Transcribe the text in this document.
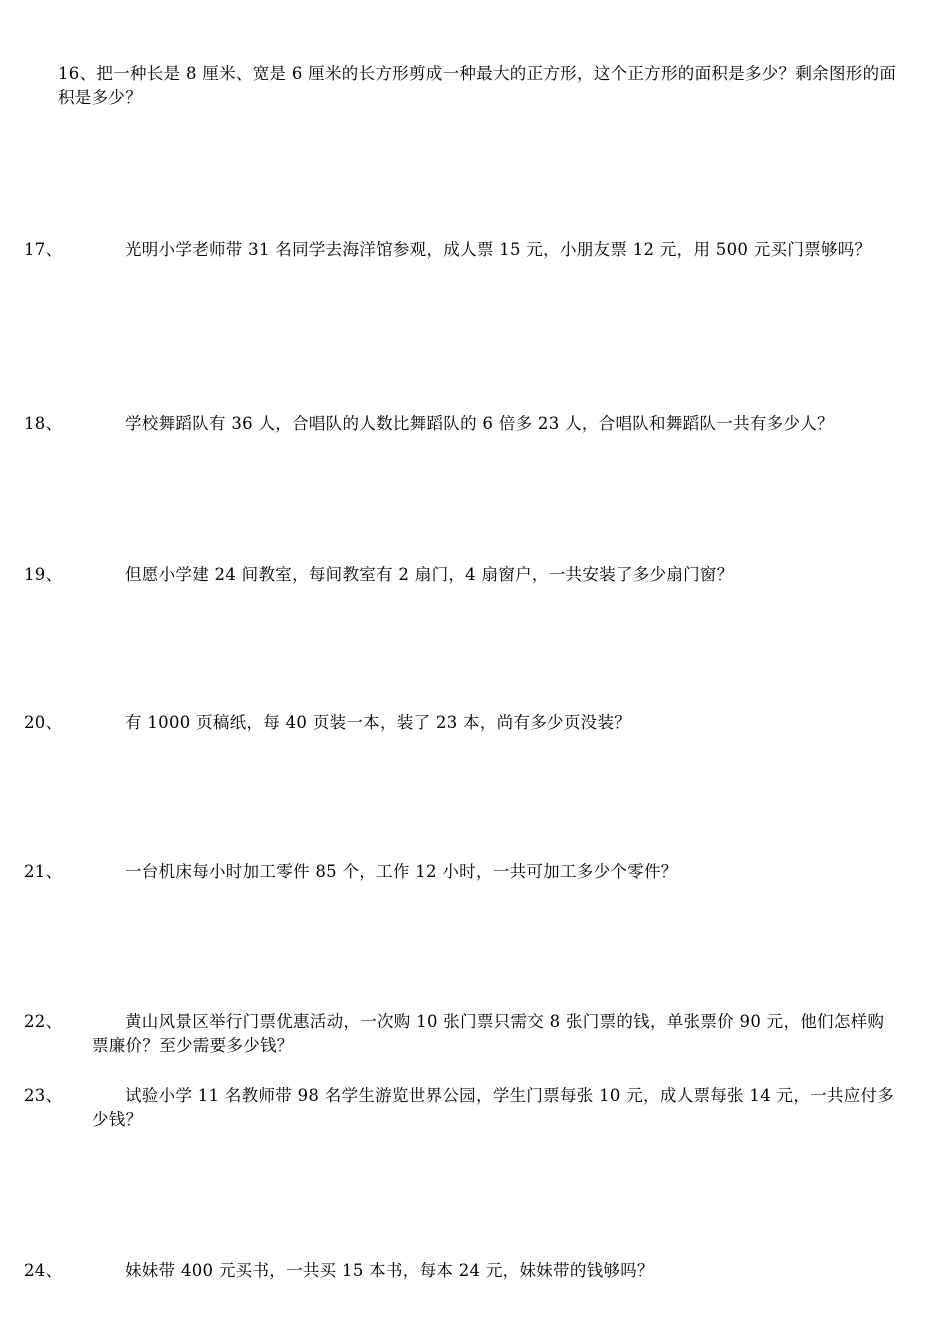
16、把一种长是 8 厘米、宽是 6 厘米的长方形剪成一种最大的正方形，这个正方形的面积是多少？剩余图形的面积是多少？
17、	光明小学老师带 31 名同学去海洋馆参观，成人票 15 元，小朋友票 12 元，用 500 元买门票够吗？
18、	学校舞蹈队有 36 人，合唱队的人数比舞蹈队的 6 倍多 23 人，合唱队和舞蹈队一共有多少人？
19、	但愿小学建 24 间教室，每间教室有 2 扇门，4 扇窗户，一共安装了多少扇门窗？
20、	有 1000 页稿纸，每 40 页装一本，装了 23 本，尚有多少页没装？
21、	一台机床每小时加工零件 85 个，工作 12 小时，一共可加工多少个零件？
22、	黄山风景区举行门票优惠活动，一次购 10 张门票只需交 8 张门票的钱，单张票价 90 元，他们怎样购票廉价？至少需要多少钱？
23、	试验小学 11 名教师带 98 名学生游览世界公园，学生门票每张 10 元，成人票每张 14 元，一共应付多少钱？
24、	妹妹带 400 元买书，一共买 15 本书，每本 24 元，妹妹带的钱够吗？
